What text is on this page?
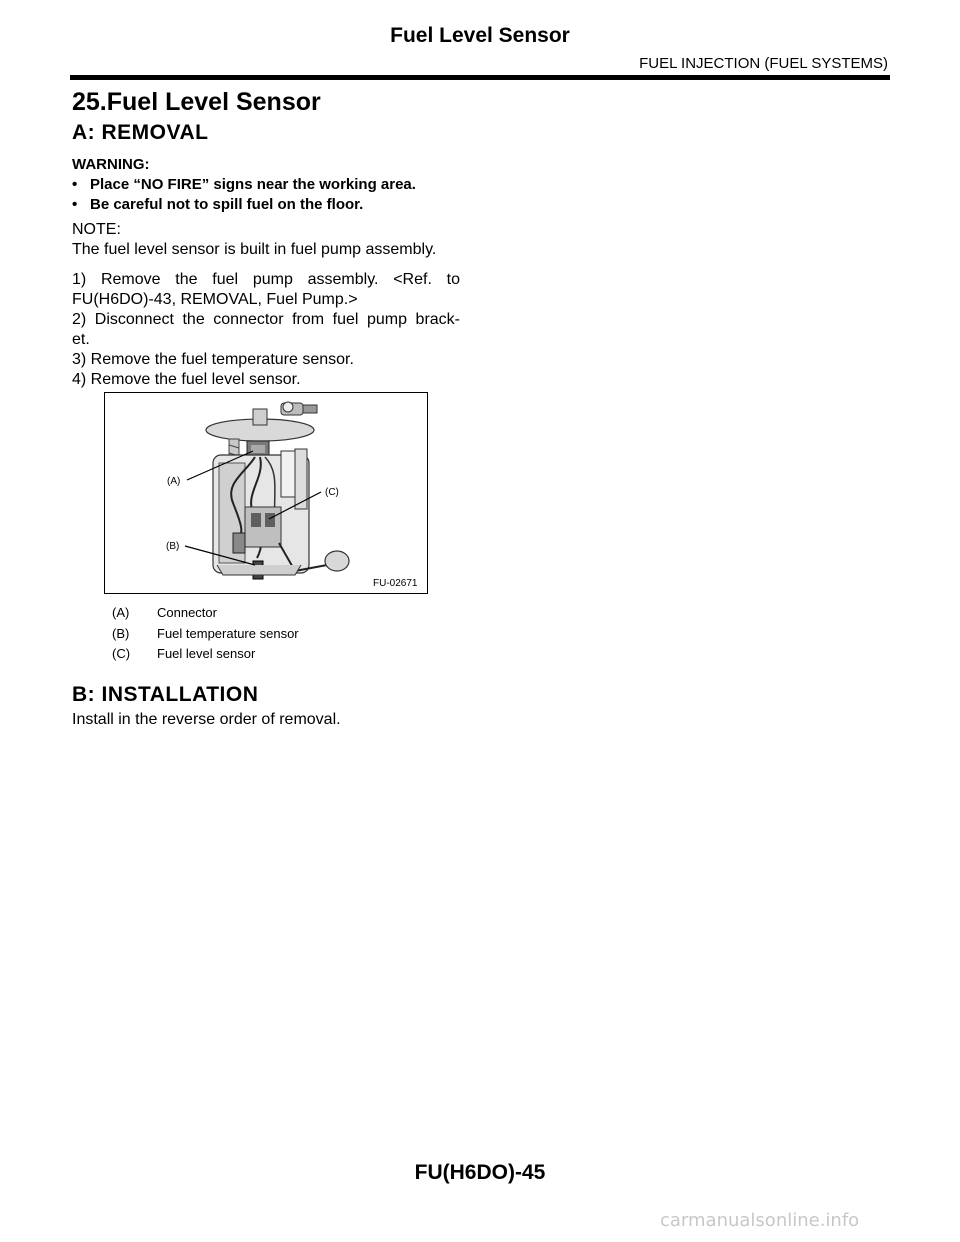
Fuel Level Sensor
FUEL INJECTION (FUEL SYSTEMS)
25.Fuel Level Sensor
A: REMOVAL
WARNING:
• Place “NO FIRE” signs near the working area.
• Be careful not to spill fuel on the floor.
NOTE:
The fuel level sensor is built in fuel pump assembly.
1) Remove the fuel pump assembly. <Ref. to
FU(H6DO)-43, REMOVAL, Fuel Pump.>
2) Disconnect the connector from fuel pump brack-
et.
3) Remove the fuel temperature sensor.
4) Remove the fuel level sensor.
(A)
(C)
(B)
FU-02671
(A) Connector
(B) Fuel temperature sensor
(C) Fuel level sensor
B: INSTALLATION
Install in the reverse order of removal.
FU(H6DO)-45
carmanualsonline.info
